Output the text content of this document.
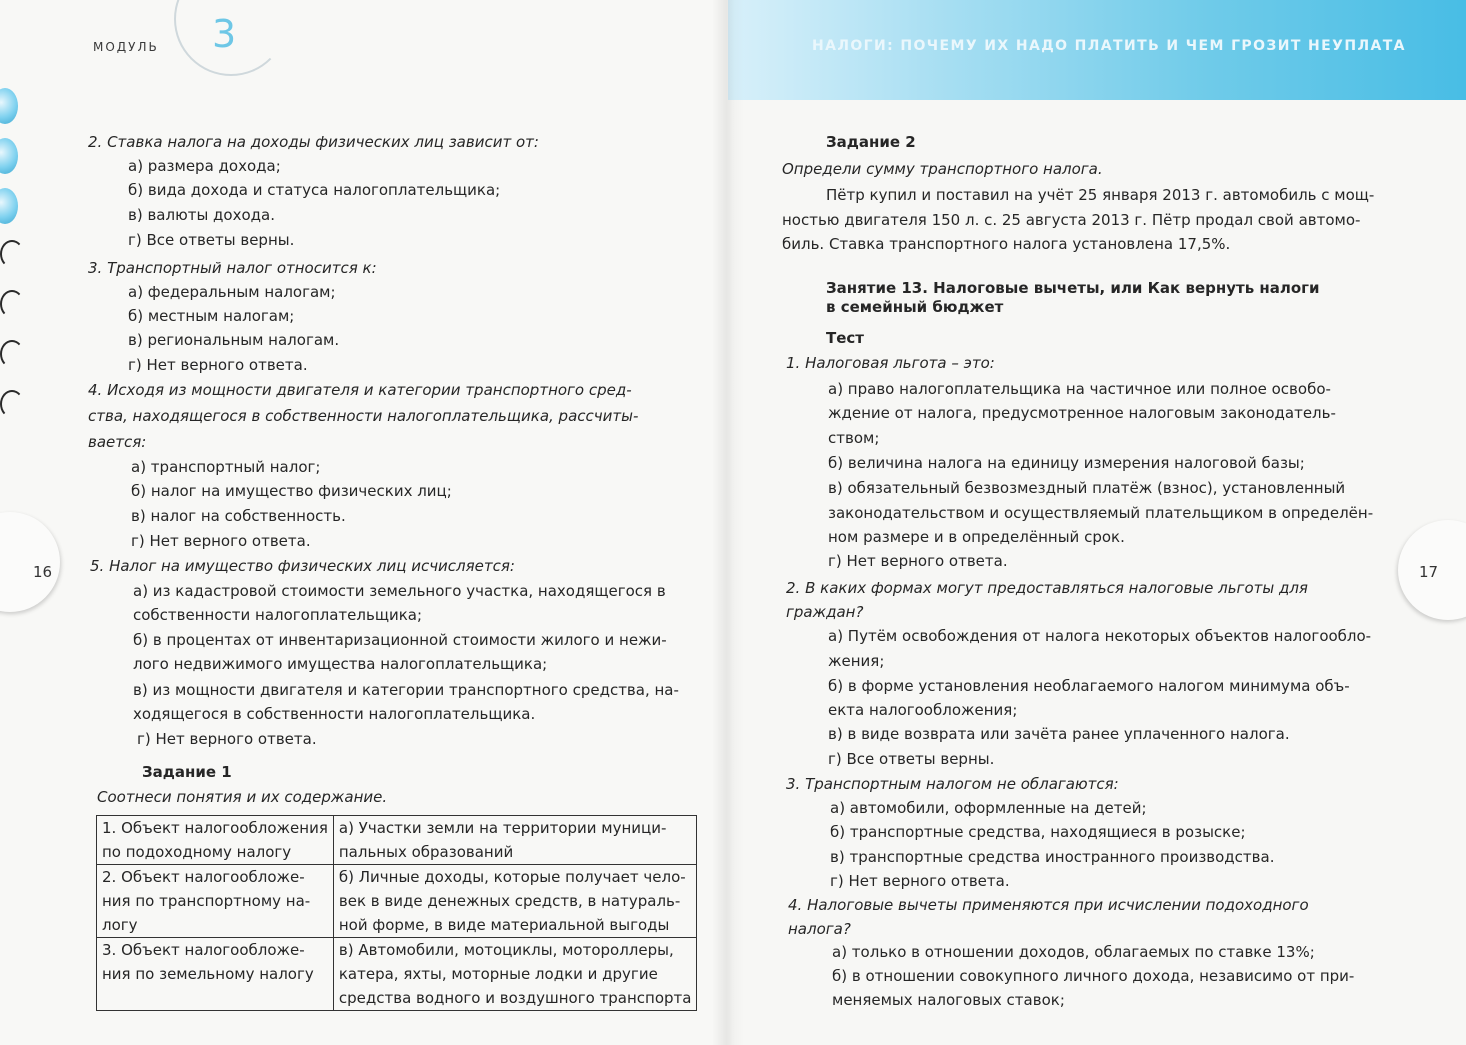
МОДУЛЬ 3	НАЛОГИ: ПОЧЕМУ ИХ НАДО ПЛАТИТЬ И ЧЕМ ГРОЗИТ НЕУПЛАТА
16	17
2. Ставка налога на доходы физических лиц зависит от:
а) размера дохода;
б) вида дохода и статуса налогоплательщика;
в) валюты дохода.
г) Все ответы верны.
3. Транспортный налог относится к:
а) федеральным налогам;
б) местным налогам;
в) региональным налогам.
г) Нет верного ответа.
4. Исходя из мощности двигателя и категории транспортного сред-
ства, находящегося в собственности налогоплательщика, рассчиты-
вается:
а) транспортный налог;
б) налог на имущество физических лиц;
в) налог на собственность.
г) Нет верного ответа.
5. Налог на имущество физических лиц исчисляется:
а) из кадастровой стоимости земельного участка, находящегося в
собственности налогоплательщика;
б) в процентах от инвентаризационной стоимости жилого и нежи-
лого недвижимого имущества налогоплательщика;
в) из мощности двигателя и категории транспортного средства, на-
ходящегося в собственности налогоплательщика.
г) Нет верного ответа.
Задание 1
Соотнеси понятия и их содержание.
1. Объект налогообложения
по подоходному налогу	а) Участки земли на территории муници-
пальных образований

2. Объект налогообложе-
ния по транспортному на-
логу	б) Личные доходы, которые получает чело-
век в виде денежных средств, в натураль-
ной форме, в виде материальной выгоды

3. Объект налогообложе-
ния по земельному налогу	в) Автомобили, мотоциклы, мотороллеры,
катера, яхты, моторные лодки и другие
средства водного и воздушного транспорта
Задание 2
Определи сумму транспортного налога.
Пётр купил и поставил на учёт 25 января 2013 г. автомобиль с мощ-
ностью двигателя 150 л. с. 25 августа 2013 г. Пётр продал свой автомо-
биль. Ставка транспортного налога установлена 17,5%.
Занятие 13. Налоговые вычеты, или Как вернуть налоги
в семейный бюджет
Тест
1. Налоговая льгота – это:
а) право налогоплательщика на частичное или полное освобо-
ждение от налога, предусмотренное налоговым законодатель-
ством;
б) величина налога на единицу измерения налоговой базы;
в) обязательный безвозмездный платёж (взнос), установленный
законодательством и осуществляемый плательщиком в определён-
ном размере и в определённый срок.
г) Нет верного ответа.
2. В каких формах могут предоставляться налоговые льготы для
граждан?
а) Путём освобождения от налога некоторых объектов налогообло-
жения;
б) в форме установления необлагаемого налогом минимума объ-
екта налогообложения;
в) в виде возврата или зачёта ранее уплаченного налога.
г) Все ответы верны.
3. Транспортным налогом не облагаются:
а) автомобили, оформленные на детей;
б) транспортные средства, находящиеся в розыске;
в) транспортные средства иностранного производства.
г) Нет верного ответа.
4. Налоговые вычеты применяются при исчислении подоходного
налога?
а) только в отношении доходов, облагаемых по ставке 13%;
б) в отношении совокупного личного дохода, независимо от при-
меняемых налоговых ставок;
